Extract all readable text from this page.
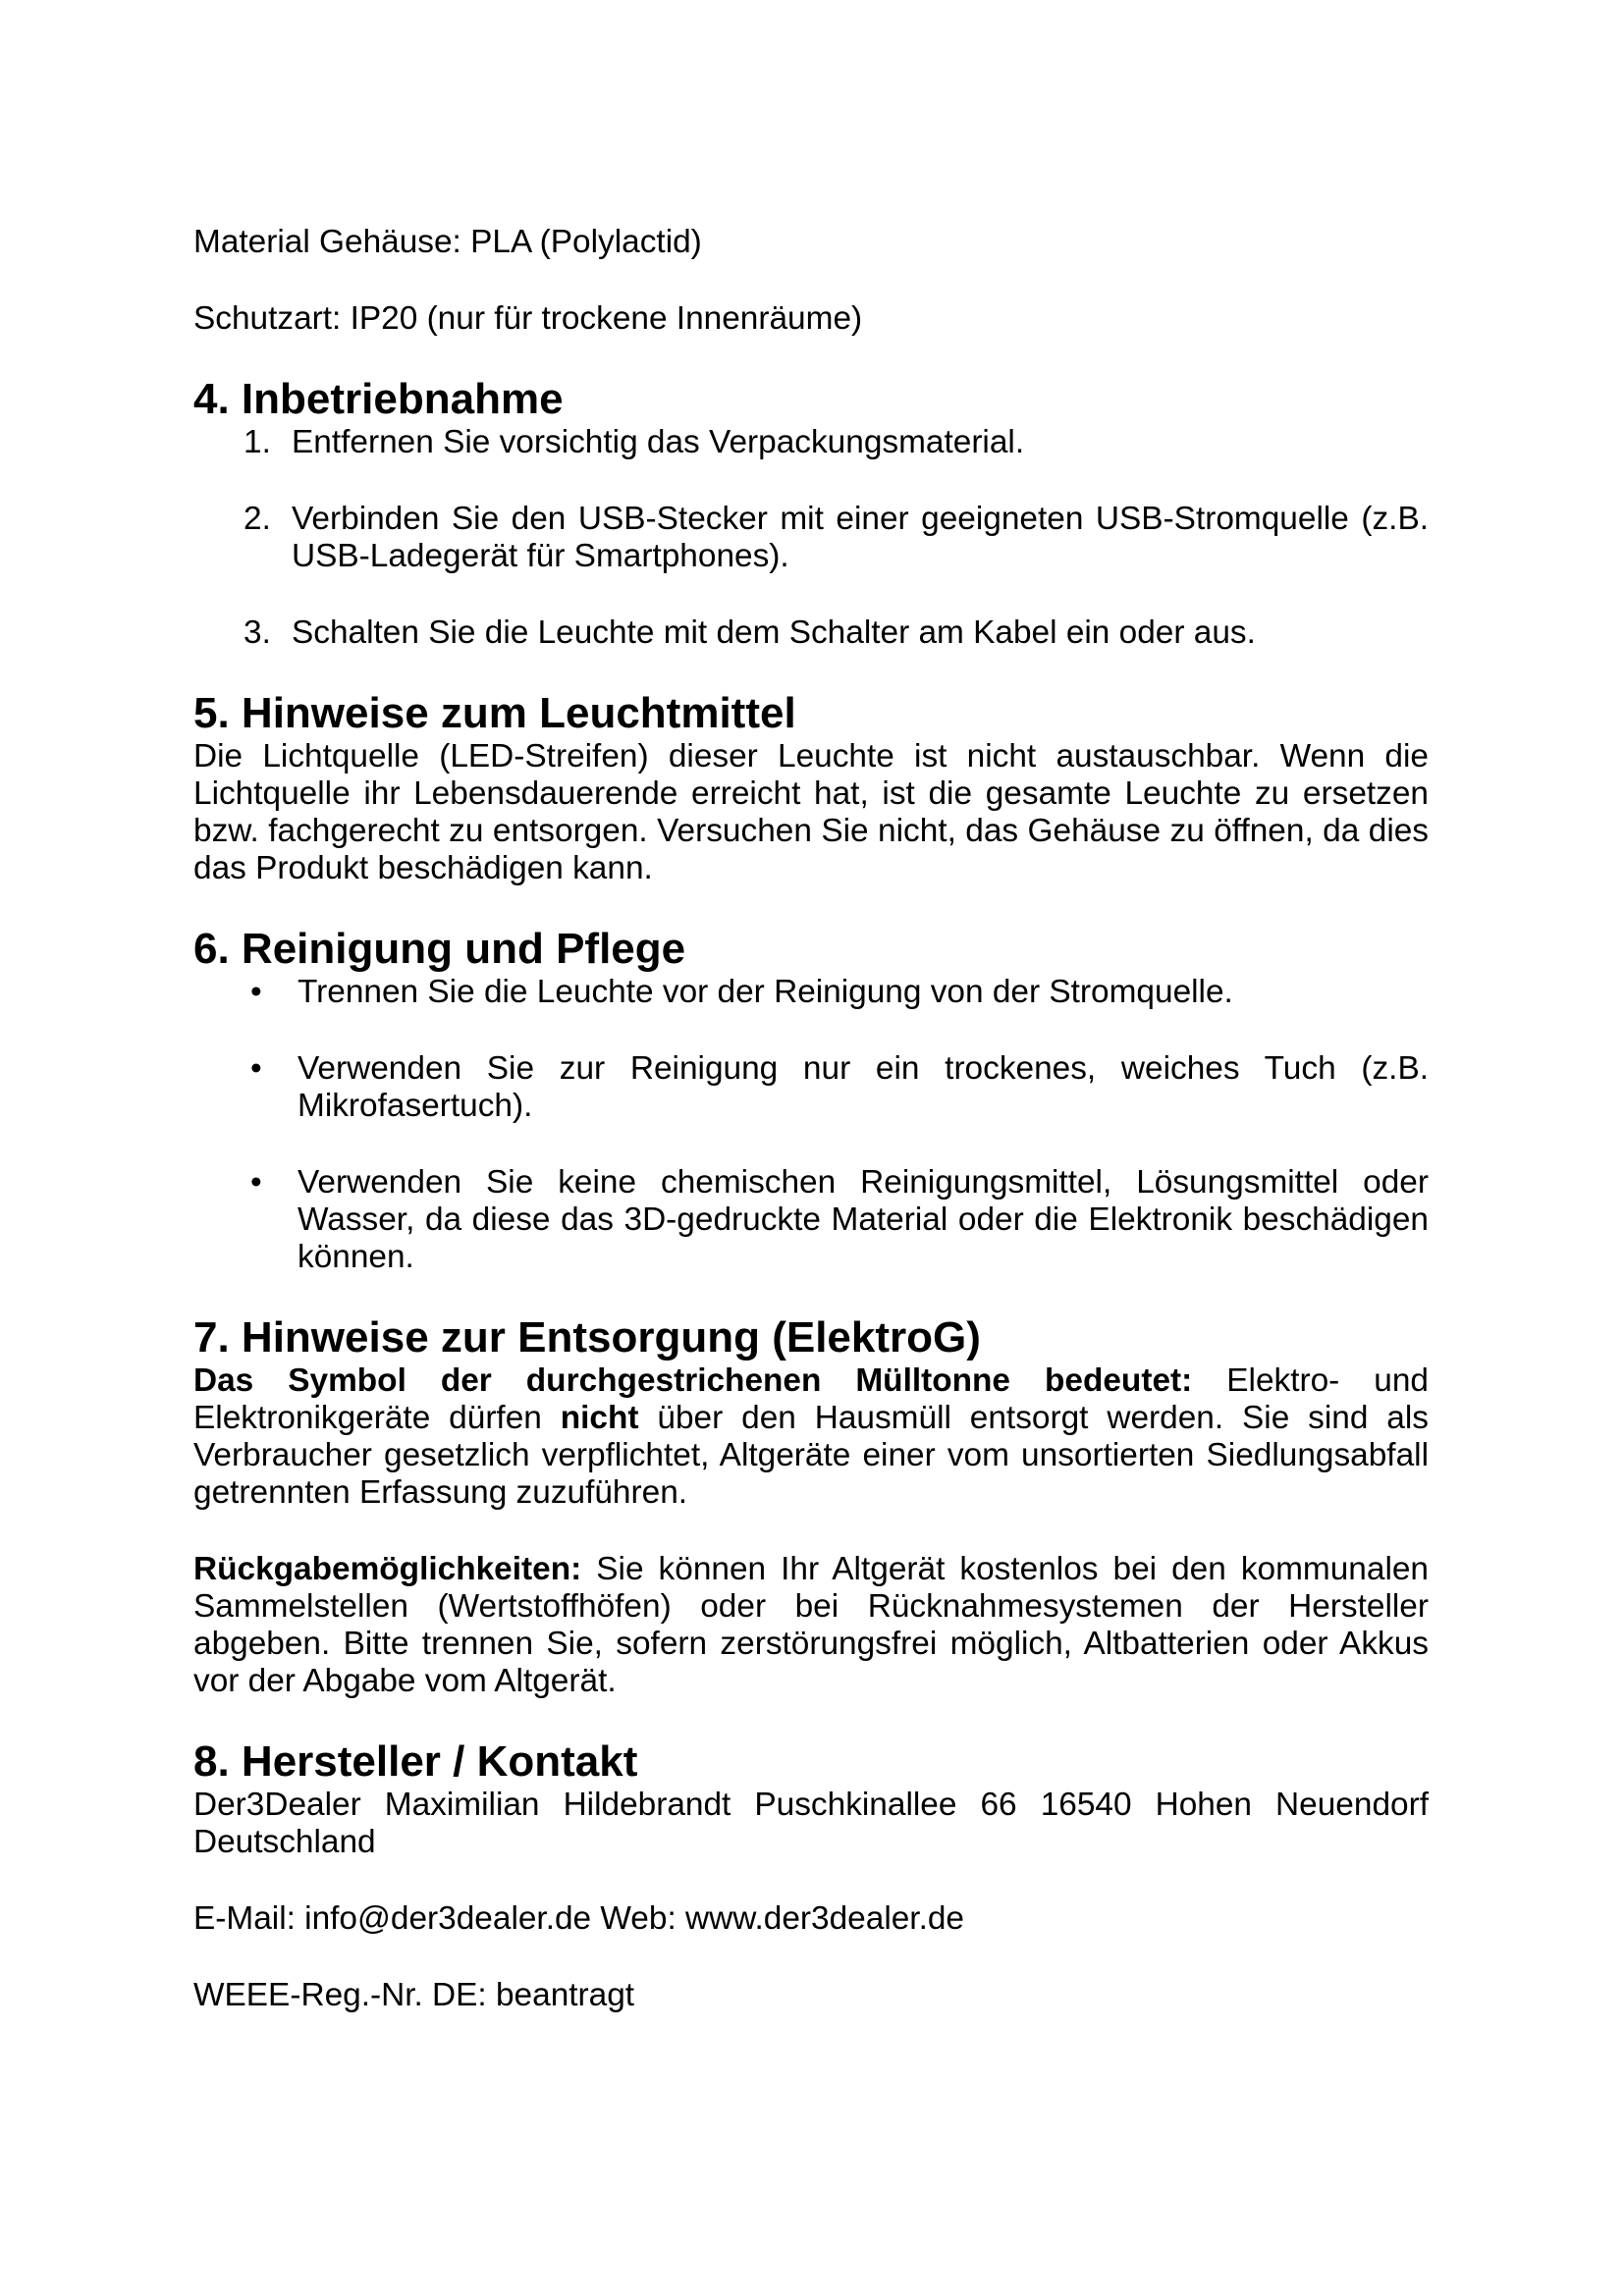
Material Gehäuse: PLA (Polylactid)

Schutzart: IP20 (nur für trockene Innenräume)

4. Inbetriebnahme
1. Entfernen Sie vorsichtig das Verpackungsmaterial.
2. Verbinden Sie den USB-Stecker mit einer geeigneten USB-Stromquelle (z.B. USB-Ladegerät für Smartphones).
3. Schalten Sie die Leuchte mit dem Schalter am Kabel ein oder aus.
5. Hinweise zum Leuchtmittel

Die Lichtquelle (LED-Streifen) dieser Leuchte ist nicht austauschbar. Wenn die Lichtquelle ihr Lebensdauerende erreicht hat, ist die gesamte Leuchte zu ersetzen bzw. fachgerecht zu entsorgen. Versuchen Sie nicht, das Gehäuse zu öffnen, da dies das Produkt beschädigen kann.

6. Reinigung und Pflege
• Trennen Sie die Leuchte vor der Reinigung von der Stromquelle.
• Verwenden Sie zur Reinigung nur ein trockenes, weiches Tuch (z.B. Mikrofasertuch).
• Verwenden Sie keine chemischen Reinigungsmittel, Lösungsmittel oder Wasser, da diese das 3D-gedruckte Material oder die Elektronik beschädigen können.
7. Hinweise zur Entsorgung (ElektroG)

Das Symbol der durchgestrichenen Mülltonne bedeutet: Elektro- und Elektronikgeräte dürfen nicht über den Hausmüll entsorgt werden. Sie sind als Verbraucher gesetzlich verpflichtet, Altgeräte einer vom unsortierten Siedlungsabfall getrennten Erfassung zuzuführen.

Rückgabemöglichkeiten: Sie können Ihr Altgerät kostenlos bei den kommunalen Sammelstellen (Wertstoffhöfen) oder bei Rücknahmesystemen der Hersteller abgeben. Bitte trennen Sie, sofern zerstörungsfrei möglich, Altbatterien oder Akkus vor der Abgabe vom Altgerät.

8. Hersteller / Kontakt

Der3Dealer Maximilian Hildebrandt Puschkinallee 66 16540 Hohen Neuendorf Deutschland

E-Mail: info@der3dealer.de Web: www.der3dealer.de

WEEE-Reg.-Nr. DE: beantragt
